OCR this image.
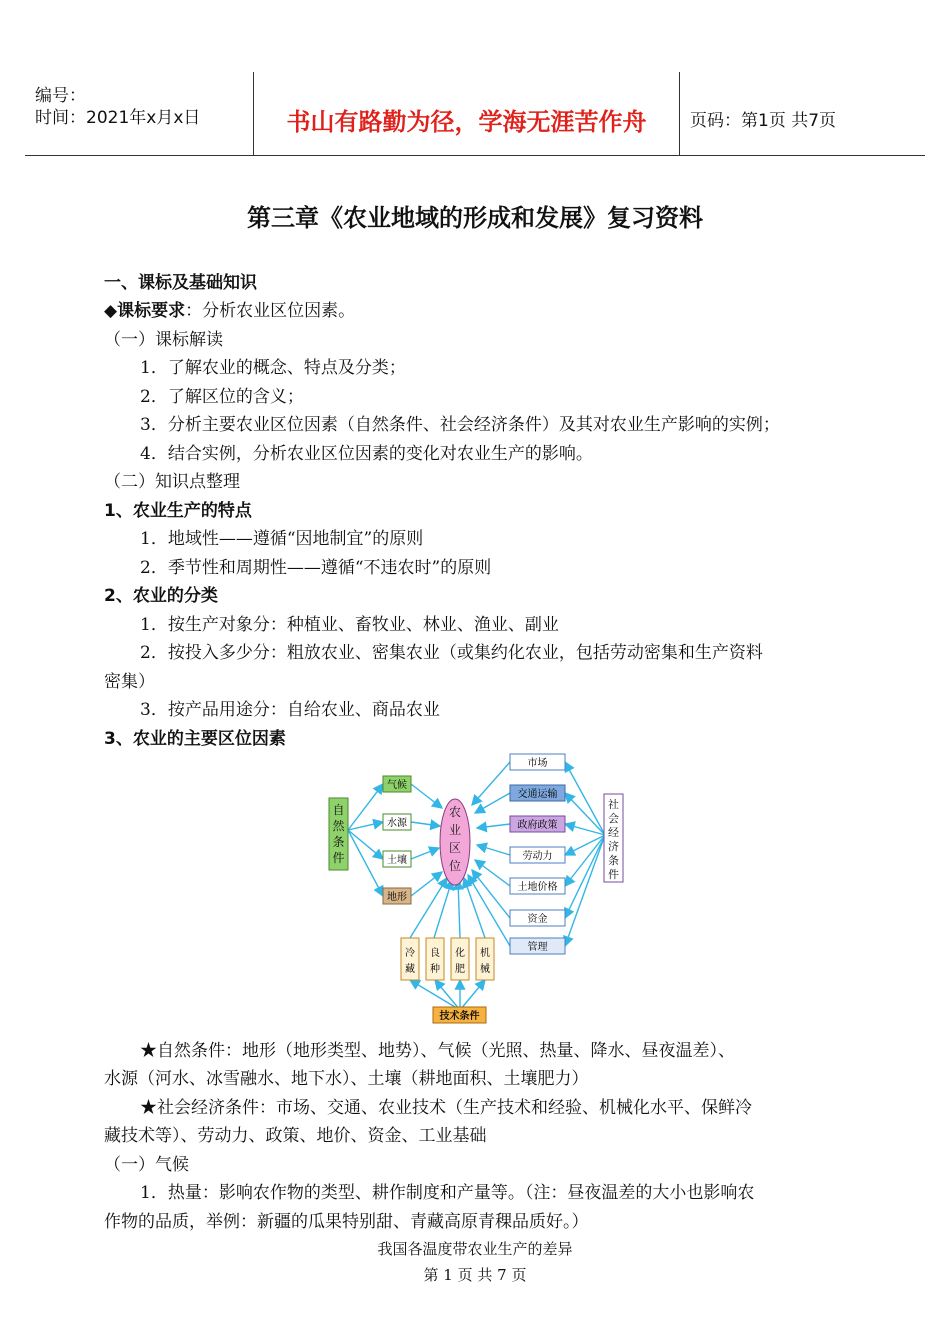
编号：
时间：2021年x月x日	书山有路勤为径，学海无涯苦作舟	页码：第1页 共7页
第三章《农业地域的形成和发展》复习资料
一、课标及基础知识
◆课标要求：分析农业区位因素。
（一）课标解读
1．了解农业的概念、特点及分类；
2．了解区位的含义；
3．分析主要农业区位因素（自然条件、社会经济条件）及其对农业生产影响的实例；
4．结合实例，分析农业区位因素的变化对农业生产的影响。
（二）知识点整理
1、农业生产的特点
1．地域性——遵循“因地制宜”的原则
2．季节性和周期性——遵循“不违农时”的原则
2、农业的分类
1．按生产对象分：种植业、畜牧业、林业、渔业、副业
2．按投入多少分：粗放农业、密集农业（或集约化农业，包括劳动密集和生产资料
密集）
3．按产品用途分：自给农业、商品农业
3、农业的主要区位因素
农
业
区
位
自
然
条
件
气候
水源
土壤
地形
市场
交通运输
政府政策
劳动力
土地价格
资金
管理
社
会
经
济
条
件
冷
藏
良
种
化
肥
机
械
技术条件
★自然条件：地形（地形类型、地势）、气候（光照、热量、降水、昼夜温差）、
水源（河水、冰雪融水、地下水）、土壤（耕地面积、土壤肥力）
★社会经济条件：市场、交通、农业技术（生产技术和经验、机械化水平、保鲜冷
藏技术等）、劳动力、政策、地价、资金、工业基础
（一）气候
1．热量：影响农作物的类型、耕作制度和产量等。（注：昼夜温差的大小也影响农
作物的品质，举例：新疆的瓜果特别甜、青藏高原青稞品质好。）
我国各温度带农业生产的差异
第 1 页 共 7 页
